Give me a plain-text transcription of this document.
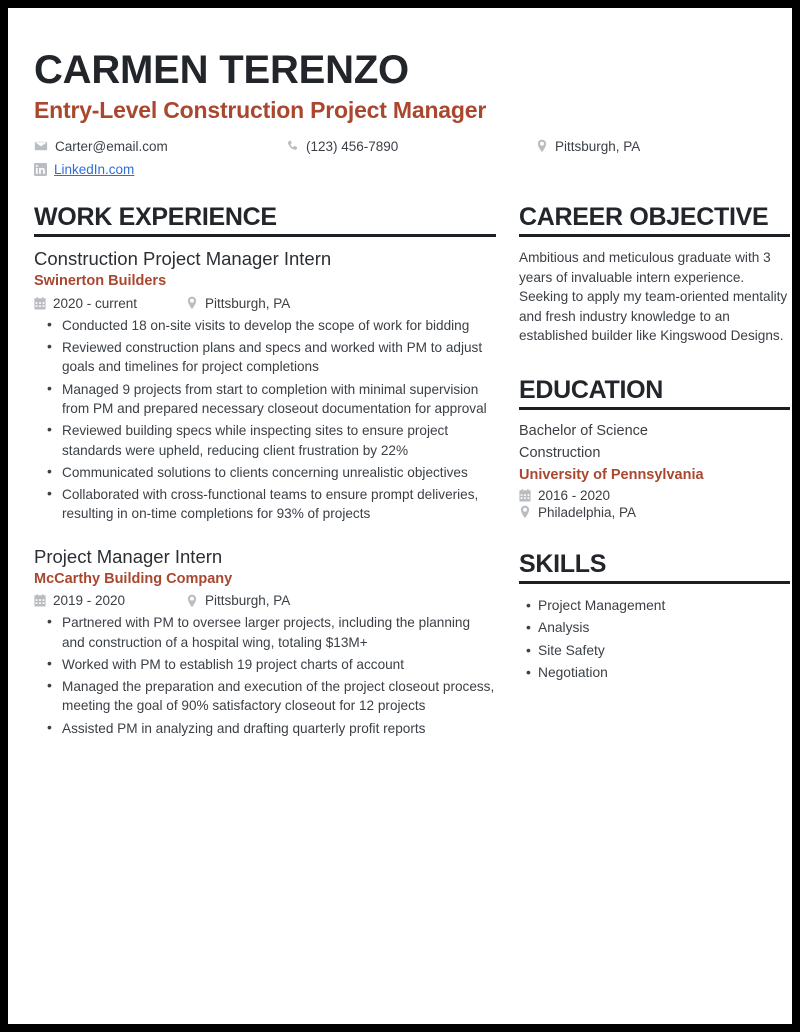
CARMEN TERENZO
Entry-Level Construction Project Manager
Carter@email.com	(123) 456-7890	Pittsburgh, PA
LinkedIn.com
WORK EXPERIENCE
Construction Project Manager Intern
Swinerton Builders
2020 - current	Pittsburgh, PA
• Conducted 18 on-site visits to develop the scope of work for bidding
• Reviewed construction plans and specs and worked with PM to adjust goals and timelines for project completions
• Managed 9 projects from start to completion with minimal supervision from PM and prepared necessary closeout documentation for approval
• Reviewed building specs while inspecting sites to ensure project standards were upheld, reducing client frustration by 22%
• Communicated solutions to clients concerning unrealistic objectives
• Collaborated with cross-functional teams to ensure prompt deliveries, resulting in on-time completions for 93% of projects
Project Manager Intern
McCarthy Building Company
2019 - 2020	Pittsburgh, PA
• Partnered with PM to oversee larger projects, including the planning and construction of a hospital wing, totaling $13M+
• Worked with PM to establish 19 project charts of account
• Managed the preparation and execution of the project closeout process, meeting the goal of 90% satisfactory closeout for 12 projects
• Assisted PM in analyzing and drafting quarterly profit reports
CAREER OBJECTIVE

Ambitious and meticulous graduate with 3 years of invaluable intern experience. Seeking to apply my team-oriented mentality and fresh industry knowledge to an established builder like Kingswood Designs.

EDUCATION
Bachelor of Science
Construction
University of Pennsylvania
2016 - 2020
Philadelphia, PA
SKILLS
• Project Management
• Analysis
• Site Safety
• Negotiation
